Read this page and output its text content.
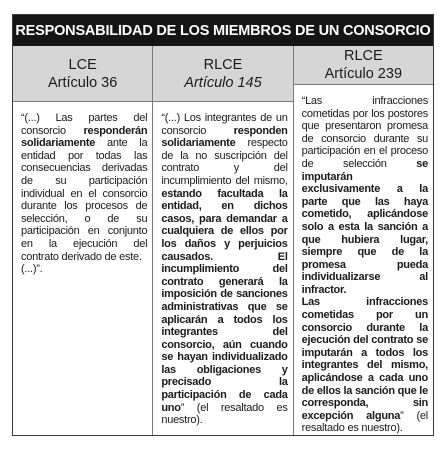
RESPONSABILIDAD DE LOS MIEMBROS DE UN CONSORCIO
LCE
Artículo 36

“(...) Las partes del consorcio responderán solidariamente ante la entidad por todas las consecuencias derivadas de su participación individual en el consorcio durante los procesos de selección, o de su participación en conjunto en la ejecución del contrato derivado de este.

(...)”.

RLCE
Artículo 145

“(...) Los integrantes de un consorcio responden solidariamente respecto de la no suscripción del contrato y del incumplimiento del mismo, estando facultada la entidad, en dichos casos, para demandar a cualquiera de ellos por los daños y perjuicios causados. El incumplimiento del contrato generará la imposición de sanciones administrativas que se aplicarán a todos los integrantes del consorcio, aún cuando se hayan individualizado las obligaciones y precisado la participación de cada uno” (el resaltado es nuestro).

RLCE
Artículo 239

“Las infracciones cometidas por los postores que presentaron promesa de consorcio durante su participación en el proceso de selección se imputarán exclusivamente a la parte que las haya cometido, aplicándose solo a esta la sanción a que hubiera lugar, siempre que de la promesa pueda individualizarse al infractor.

Las infracciones cometidas por un consorcio durante la ejecución del contrato se imputarán a todos los integrantes del mismo, aplicándose a cada uno de ellos la sanción que le corresponda, sin excepción alguna” (el resaltado es nuestro).
